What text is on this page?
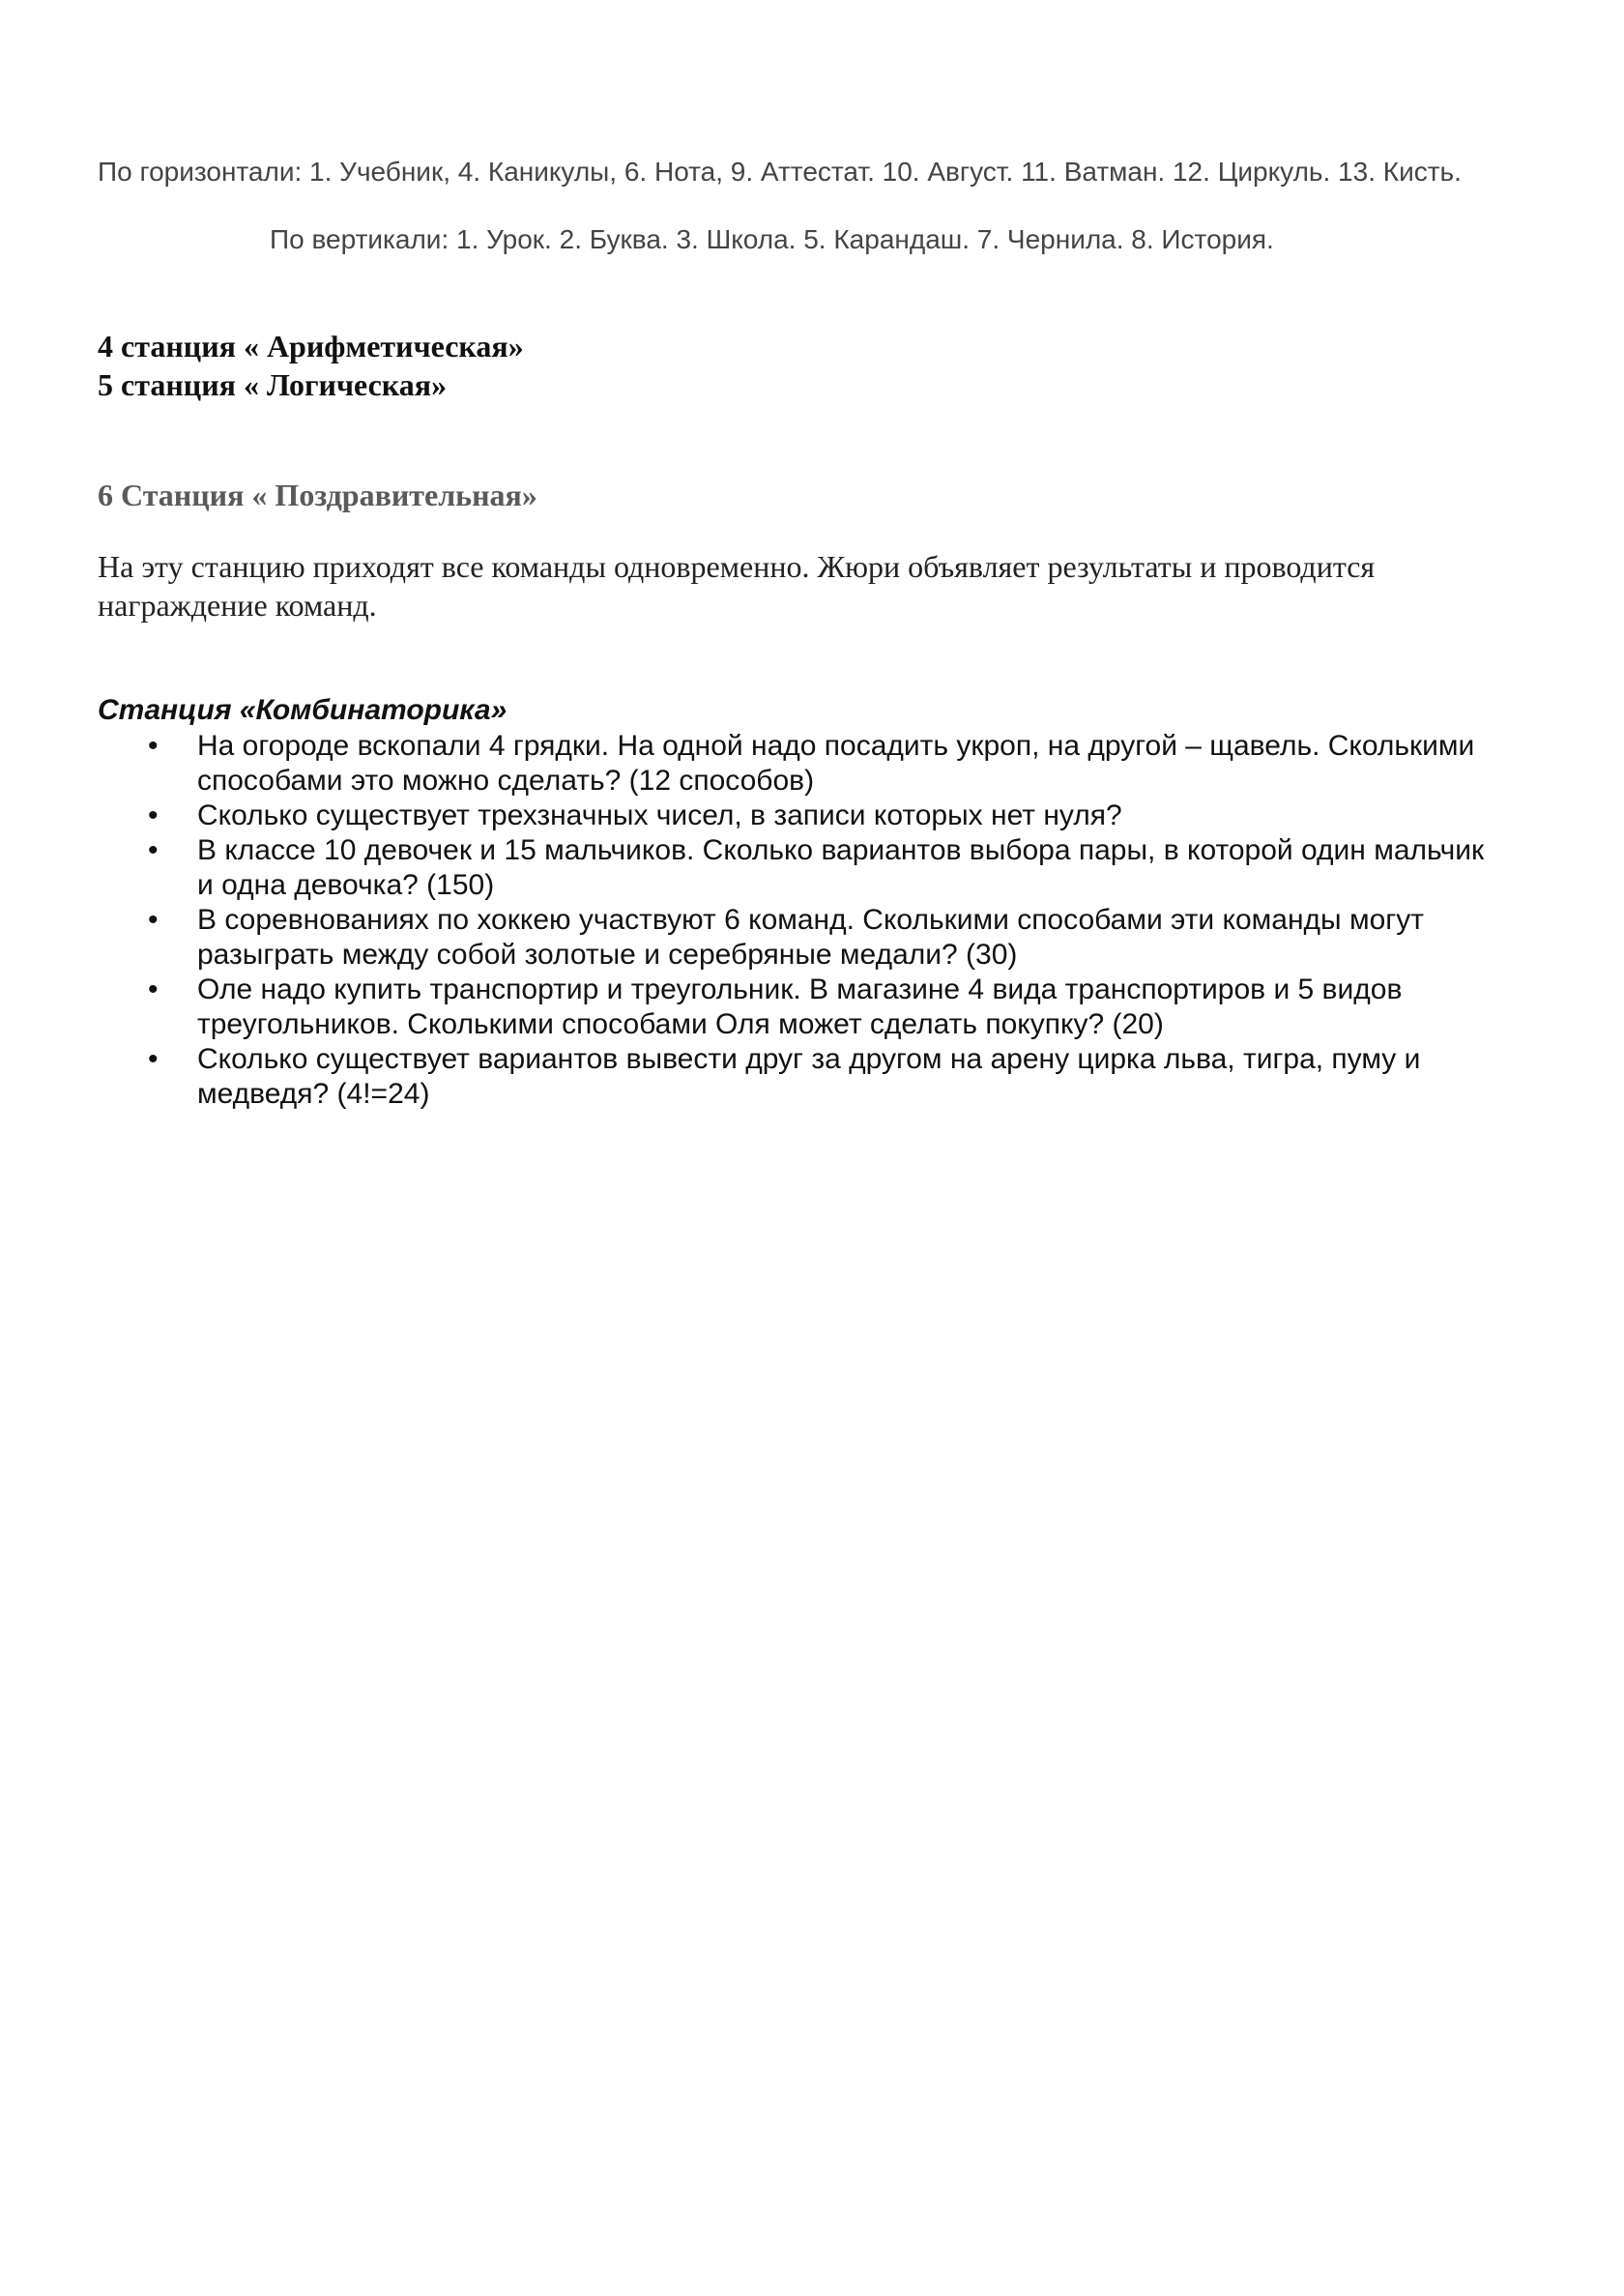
По горизонтали: 1. Учебник, 4. Каникулы, 6. Нота, 9. Аттестат. 10. Август. 11. Ватман. 12. Циркуль. 13. Кисть.
По вертикали: 1. Урок. 2. Буква. 3. Школа. 5. Карандаш. 7. Чернила. 8. История.
4 станция « Арифметическая»
5 станция « Логическая»
6 Станция « Поздравительная»
На эту станцию приходят все команды одновременно. Жюри объявляет результаты и проводится награждение команд.
Станция «Комбинаторика»
• На огороде вскопали 4 грядки. На одной надо посадить укроп, на другой – щавель. Сколькими способами это можно сделать? (12 способов)
• Сколько существует трехзначных чисел, в записи которых нет нуля?
• В классе 10 девочек и 15 мальчиков. Сколько вариантов выбора пары, в которой один мальчик и одна девочка? (150)
• В соревнованиях по хоккею участвуют 6 команд. Сколькими способами эти команды могут разыграть между собой золотые и серебряные медали? (30)
• Оле надо купить транспортир и треугольник. В магазине 4 вида транспортиров и 5 видов треугольников. Сколькими способами Оля может сделать покупку? (20)
• Сколько существует вариантов вывести друг за другом на арену цирка льва, тигра, пуму и медведя? (4!=24)
